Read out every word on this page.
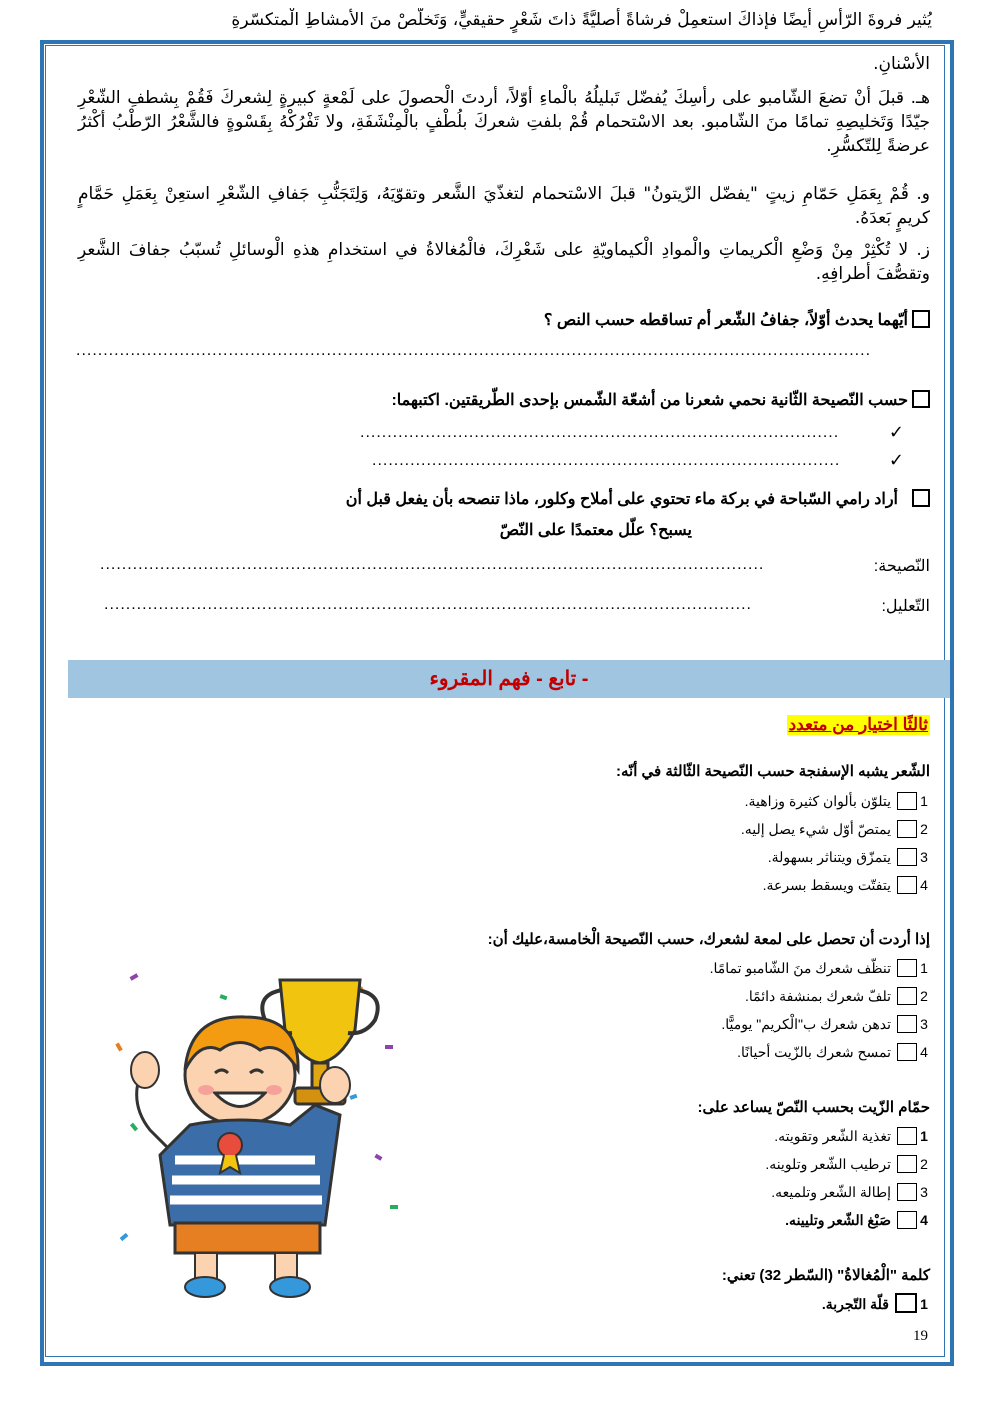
يُثير فروةَ الرّأسِ أيضًا فإذاكَ استعمِلْ فرشاةً أصليَّةً ذاتَ شَعْرٍ حقيقيٍّ، وَتَخلَّصْ منَ الأمشاطِ الْمتكسّرةِ
الأسْنانِ.
هـ. قبلَ أنْ تضعَ الشّامبو على رأسِكَ يُفضّل تَبليلُهُ بالْماءِ أوّلاً، أردتَ الْحصولَ على لَمْعةٍ كبيرةٍ لِشعركَ فَقُمْ بِشطفِ الشّعْرِ جيّدًا وَتَخليصِهِ تمامًا منَ الشّامبو. بعد الاسْتحمام قُمْ بلفتِ شعركَ بلُطْفٍ بالْمِنْشَفَةِ، ولا تَفْرُكْهُ بِقَسْوةٍ فالشَّعْرُ الرّطْبُ أكْثرُ عرضةً لِلتّكسُّرِ.
و. قُمْ بِعَمَلِ حَمّامِ زيتٍ "يفضّل الزّيتونُ" قبلَ الاسْتحمام لتغذّيَ الشَّعر وتقوّيَهُ، وَلِتَجَنُّبِ جَفافِ الشّعْرِ استعِنْ بِعَمَلِ حَمَّامٍ كريمٍ بَعدَهُ.
ز. لا تُكْثِرْ مِنْ وَضْعِ الْكريماتِ والْموادِ الْكيماويّةِ على شَعْرِكَ، فالْمُغالاةُ في استخدامِ هذهِ الْوسائلِ تُسبّبُ جفافَ الشَّعرِ وتقصُّفَ أطرافِهِ.
أيّهما يحدث أوّلاً، جفافُ الشّعر أم تساقطه حسب النص ؟
..................................................................................................................................................
حسب النّصيحة الثّانية نحمي شعرنا من أشعّة الشّمس بإحدى الطّريقتين. اكتبهما:
✓
........................................................................................
✓
......................................................................................
أراد رامي السّباحة في بركة ماء تحتوي على أملاح وكلور، ماذا تنصحه بأن يفعل قبل أن
يسبح؟ علّل معتمدًا على النّصّ
النّصيحة:
..........................................................................................................................
التّعليل:
.......................................................................................................................
تابع - فهم المقروء -
ثالثًا اختيار من متعدد
الشّعر يشبه الإسفنجة حسب النّصيحة الثّالثة في أنّه:
1يتلوّن بألوان كثيرة وزاهية.
2يمتصّ أوّل شيء يصل إليه.
3يتمزّق ويتناثر بسهولة.
4يتفتّت ويسقط بسرعة.
إذا أردت أن تحصل على لمعة لشعرك، حسب النّصيحة الْخامسة،عليك أن:
1تنظّف شعرك منَ الشّامبو تمامًا.
2تلفّ شعرك بمنشفة دائمًا.
3تدهن شعرك ب"الْكريم" يوميًّا.
4تمسح شعرك بالزّيت أحيانًا.
حمّام الزّيت بحسب النّصّ يساعد على:
1تغذية الشّعر وتقويته.
2ترطيب الشّعر وتلوينه.
3إطالة الشّعر وتلميعه.
4صَبْغ الشّعر وتليينه.
كلمة "الْمُغالاةُ" (السّطر 32) تعني:
1قلّة التّجربة.
19
